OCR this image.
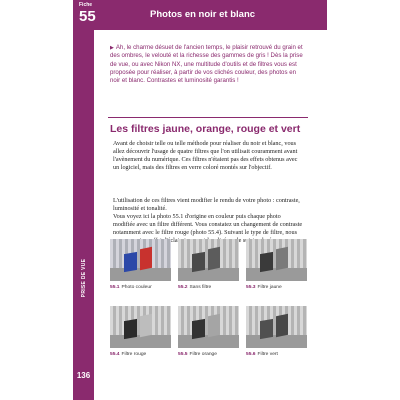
Fiche
55	Photos en noir et blanc
PRISE DE VUE
136
▶ Ah, le charme désuet de l'ancien temps, le plaisir retrouvé du grain et des ombres, le velouté et la richesse des gammes de gris ! Dès la prise de vue, ou avec Nikon NX, une multitude d'outils et de filtres vous est proposée pour réaliser, à partir de vos clichés couleur, des photos en noir et blanc. Contrastes et luminosité garantis !
Les filtres jaune, orange, rouge et vert

Avant de choisir telle ou telle méthode pour réaliser du noir et blanc, vous allez découvrir l'usage de quatre filtres que l'on utilisait couramment avant l'avènement du numérique. Ces filtres n'étaient pas des effets obtenus avec un logiciel, mais des filtres en verre coloré montés sur l'objectif.

L'utilisation de ces filtres vient modifier le rendu de votre photo : contraste, luminosité et tonalité.

Vous voyez ici la photo 55.1 d'origine en couleur puis chaque photo modifiée avec un filtre différent. Vous constatez un changement de contraste notamment avec le filtre rouge (photo 55.4). Suivant le type de filtre, nous le

55.1 Photo couleur	55.2 Sans filtre	55.3 Filtre jaune
55.4 Filtre rouge	55.5 Filtre orange	55.6 Filtre vert
